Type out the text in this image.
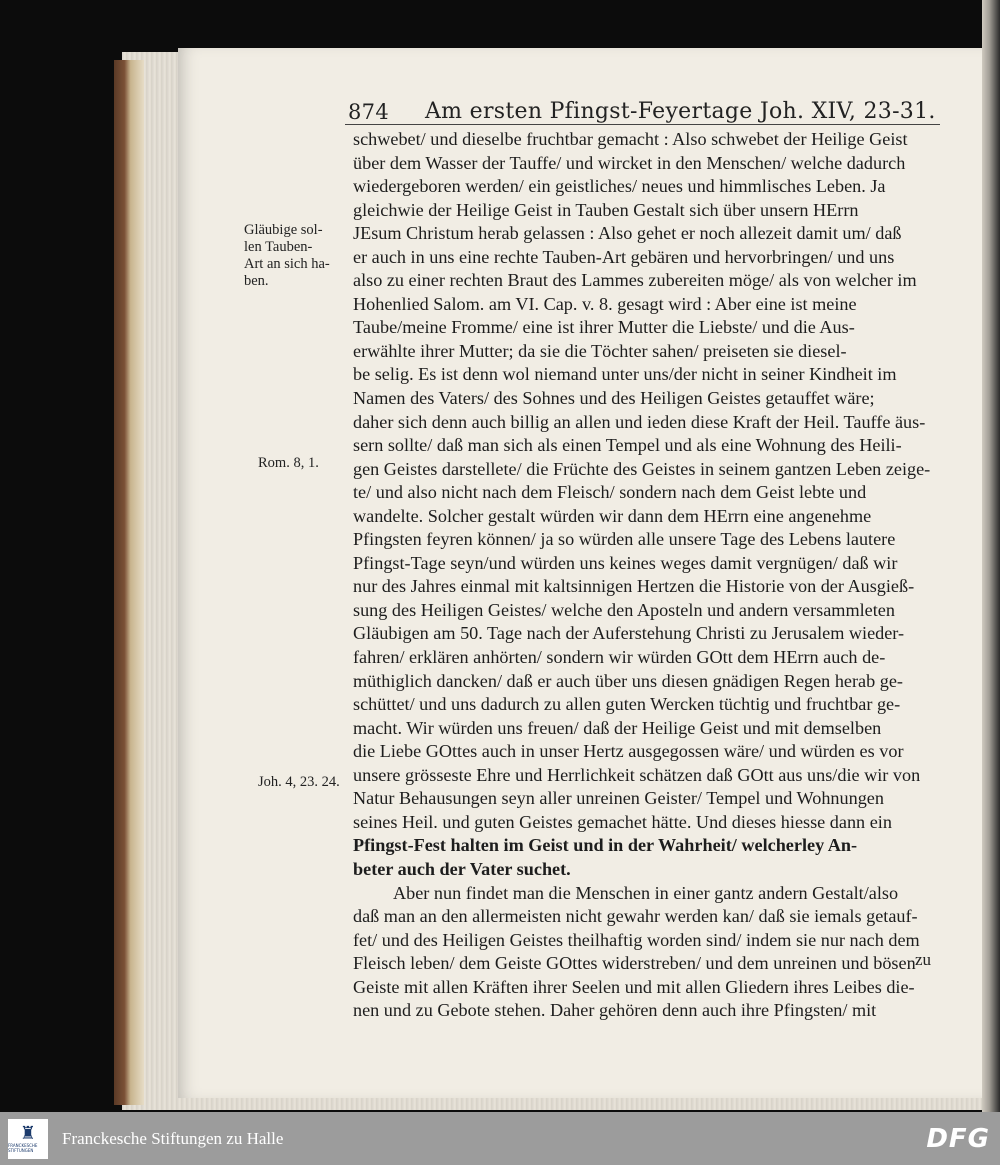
874 Am ersten Pfingst-Feyertage Joh. XIV, 23-31.
schwebet/ und dieselbe fruchtbar gemacht : Also schwebet der Heilige Geist
über dem Wasser der Tauffe/ und wircket in den Menschen/ welche dadurch
wiedergeboren werden/ ein geistliches/ neues und himmlisches Leben. Ja
gleichwie der Heilige Geist in Tauben Gestalt sich über unsern HErrn
JEsum Christum herab gelassen : Also gehet er noch allezeit damit um/ daß
er auch in uns eine rechte Tauben-Art gebären und hervorbringen/ und uns
also zu einer rechten Braut des Lammes zubereiten möge/ als von welcher im
Hohenlied Salom. am VI. Cap. v. 8. gesagt wird : Aber eine ist meine
Taube/meine Fromme/ eine ist ihrer Mutter die Liebste/ und die Aus-
erwählte ihrer Mutter; da sie die Töchter sahen/ preiseten sie diesel-
be selig. Es ist denn wol niemand unter uns/der nicht in seiner Kindheit im
Namen des Vaters/ des Sohnes und des Heiligen Geistes getauffet wäre;
daher sich denn auch billig an allen und ieden diese Kraft der Heil. Tauffe äus-
sern sollte/ daß man sich als einen Tempel und als eine Wohnung des Heili-
gen Geistes darstellete/ die Früchte des Geistes in seinem gantzen Leben zeige-
te/ und also nicht nach dem Fleisch/ sondern nach dem Geist lebte und
wandelte. Solcher gestalt würden wir dann dem HErrn eine angenehme
Pfingsten feyren können/ ja so würden alle unsere Tage des Lebens lautere
Pfingst-Tage seyn/und würden uns keines weges damit vergnügen/ daß wir
nur des Jahres einmal mit kaltsinnigen Hertzen die Historie von der Ausgieß-
sung des Heiligen Geistes/ welche den Aposteln und andern versammleten
Gläubigen am 50. Tage nach der Auferstehung Christi zu Jerusalem wieder-
fahren/ erklären anhörten/ sondern wir würden GOtt dem HErrn auch de-
müthiglich dancken/ daß er auch über uns diesen gnädigen Regen herab ge-
schüttet/ und uns dadurch zu allen guten Wercken tüchtig und fruchtbar ge-
macht. Wir würden uns freuen/ daß der Heilige Geist und mit demselben
die Liebe GOttes auch in unser Hertz ausgegossen wäre/ und würden es vor
unsere grösseste Ehre und Herrlichkeit schätzen daß GOtt aus uns/die wir von
Natur Behausungen seyn aller unreinen Geister/ Tempel und Wohnungen
seines Heil. und guten Geistes gemachet hätte. Und dieses hiesse dann ein
Pfingst-Fest halten im Geist und in der Wahrheit/ welcherley An-
beter auch der Vater suchet.
Aber nun findet man die Menschen in einer gantz andern Gestalt/also
daß man an den allermeisten nicht gewahr werden kan/ daß sie iemals getauf-
fet/ und des Heiligen Geistes theilhaftig worden sind/ indem sie nur nach dem
Fleisch leben/ dem Geiste GOttes widerstreben/ und dem unreinen und bösen
Geiste mit allen Kräften ihrer Seelen und mit allen Gliedern ihres Leibes die-
nen und zu Gebote stehen. Daher gehören denn auch ihre Pfingsten/ mit
Gläubige sol-
len Tauben-
Art an sich ha-
ben.
Rom. 8, 1.
Joh. 4, 23. 24.
zu
♜
FRANCKESCHE STIFTUNGEN
Franckesche Stiftungen zu Halle	DFG
